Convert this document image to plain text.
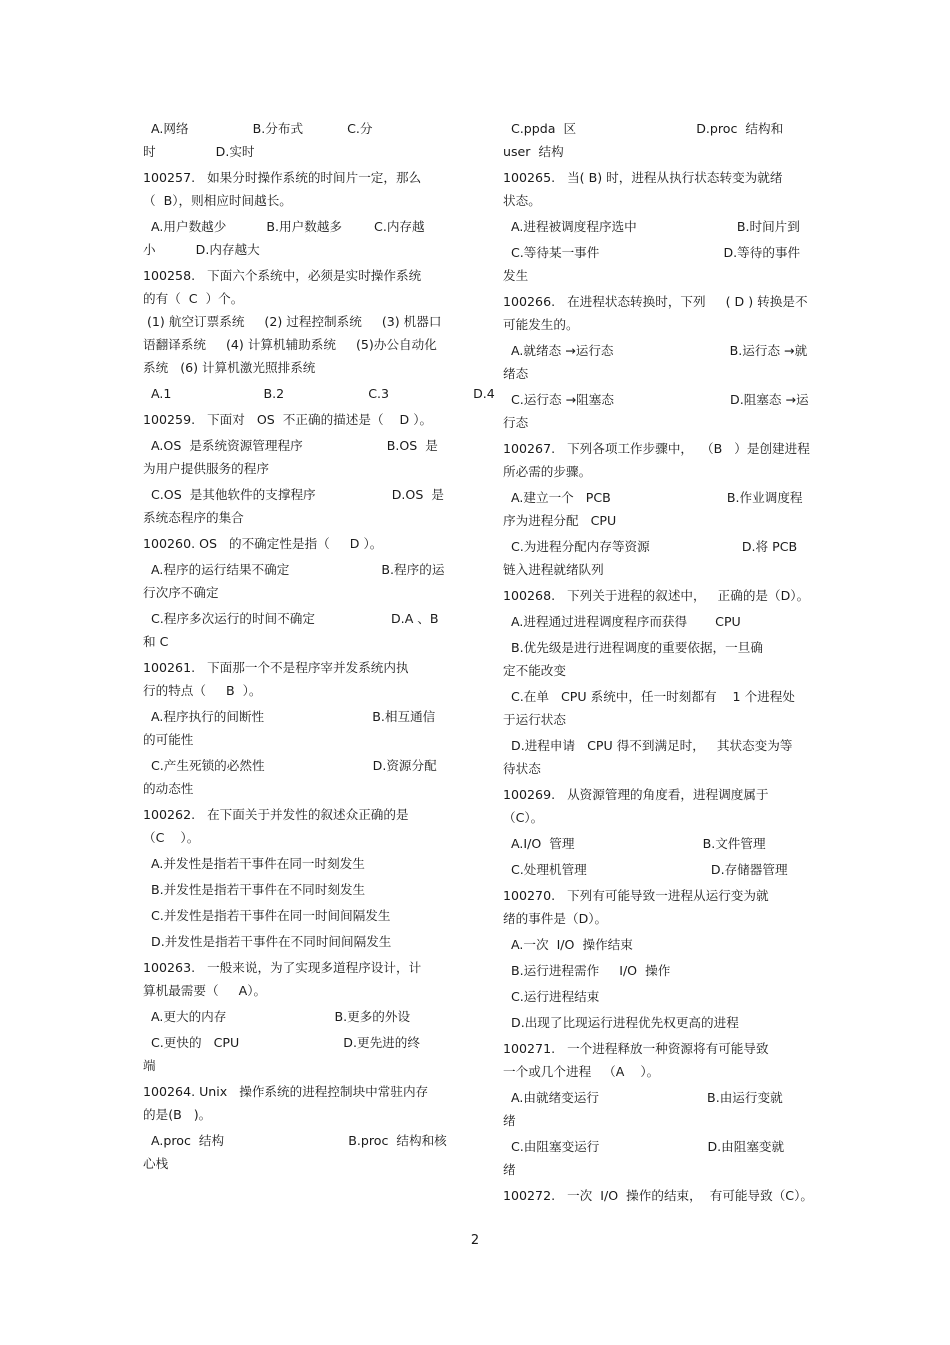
A.网络                B.分布式           C.分
时               D.实时
100257.   如果分时操作系统的时间片一定，那么
（  B），则相应时间越长。
A.用户数越少          B.用户数越多        C.内存越
小          D.内存越大
100258.   下面六个系统中，必须是实时操作系统
的有（  C  ）个。
(1) 航空订票系统     (2) 过程控制系统     (3) 机器口
语翻译系统     (4) 计算机辅助系统     (5)办公自动化
系统   (6) 计算机激光照排系统
A.1                       B.2                     C.3                     D.4
100259.   下面对   OS  不正确的描述是（    D ）。
A.OS  是系统资源管理程序                     B.OS  是
为用户提供服务的程序
C.OS  是其他软件的支撑程序                   D.OS  是
系统态程序的集合
100260. OS   的不确定性是指（     D ）。
A.程序的运行结果不确定                       B.程序的运
行次序不确定
C.程序多次运行的时间不确定                   D.A 、B
和 C
100261.   下面那一个不是程序宰并发系统内执
行的特点（     B  ）。
A.程序执行的间断性                           B.相互通信
的可能性
C.产生死锁的必然性                           D.资源分配
的动态性
100262.   在下面关于并发性的叙述众正确的是
（C    ）。
A.并发性是指若干事件在同一时刻发生
B.并发性是指若干事件在不同时刻发生
C.并发性是指若干事件在同一时间间隔发生
D.并发性是指若干事件在不同时间间隔发生
100263.   一般来说，为了实现多道程序设计，计
算机最需要（     A）。
A.更大的内存                           B.更多的外设
C.更快的   CPU                          D.更先进的终
端
100264. Unix   操作系统的进程控制块中常驻内存
的是(B   )。
A.proc  结构                               B.proc  结构和核
心栈
C.ppda  区                              D.proc  结构和
user  结构
100265.   当( B) 时，进程从执行状态转变为就绪
状态。
A.进程被调度程序选中                         B.时间片到
C.等待某一事件                               D.等待的事件
发生
100266.   在进程状态转换时，下列     ( D ) 转换是不
可能发生的。
A.就绪态 →运行态                             B.运行态 →就
绪态
C.运行态 →阻塞态                             D.阻塞态 →运
行态
100267.   下列各项工作步骤中，  （B   ）是创建进程
所必需的步骤。
A.建立一个   PCB                             B.作业调度程
序为进程分配   CPU
C.为进程分配内存等资源                       D.将 PCB
链入进程就绪队列
100268.   下列关于进程的叙述中，   正确的是（D）。
A.进程通过进程调度程序而获得       CPU
B.优先级是进行进程调度的重要依据，一旦确
定不能改变
C.在单   CPU 系统中，任一时刻都有    1 个进程处
于运行状态
D.进程申请   CPU 得不到满足时，   其状态变为等
待状态
100269.   从资源管理的角度看，进程调度属于
（C）。
A.I/O  管理                                B.文件管理
C.处理机管理                               D.存储器管理
100270.   下列有可能导致一进程从运行变为就
绪的事件是（D）。
A.一次  I/O  操作结束
B.运行进程需作     I/O  操作
C.运行进程结束
D.出现了比现运行进程优先权更高的进程
100271.   一个进程释放一种资源将有可能导致
一个或几个进程   （A    ）。
A.由就绪变运行                           B.由运行变就
绪
C.由阻塞变运行                           D.由阻塞变就
绪
100272.   一次  I/O  操作的结束，  有可能导致（C）。
2
